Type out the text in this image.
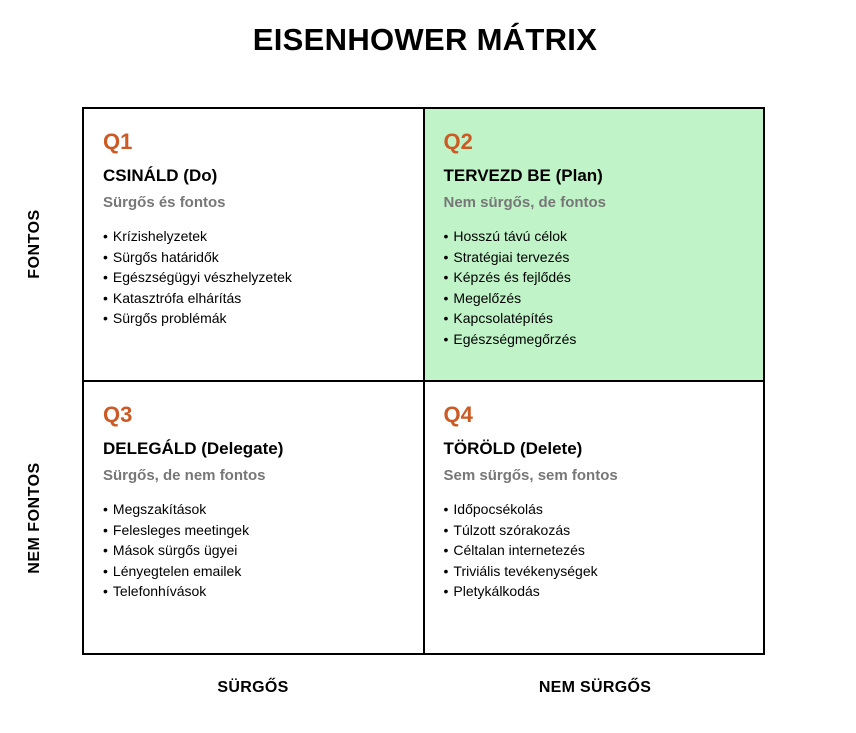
EISENHOWER MÁTRIX
FONTOS
NEM FONTOS
Q1
CSINÁLD (Do)
Sürgős és fontos
• Krízishelyzetek
• Sürgős határidők
• Egészségügyi vészhelyzetek
• Katasztrófa elhárítás
• Sürgős problémák
Q2
TERVEZD BE (Plan)
Nem sürgős, de fontos
• Hosszú távú célok
• Stratégiai tervezés
• Képzés és fejlődés
• Megelőzés
• Kapcsolatépítés
• Egészségmegőrzés
Q3
DELEGÁLD (Delegate)
Sürgős, de nem fontos
• Megszakítások
• Felesleges meetingek
• Mások sürgős ügyei
• Lényegtelen emailek
• Telefonhívások
Q4
TÖRÖLD (Delete)
Sem sürgős, sem fontos
• Időpocsékolás
• Túlzott szórakozás
• Céltalan internetezés
• Triviális tevékenységek
• Pletykálkodás
SÜRGŐS	NEM SÜRGŐS
